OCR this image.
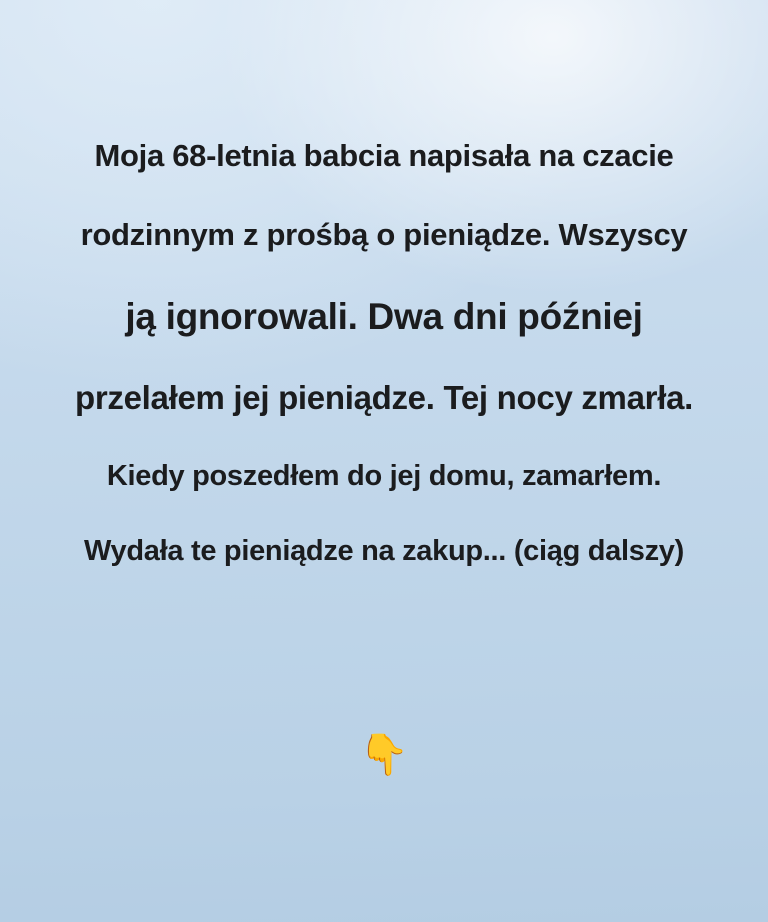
Moja 68-letnia babcia napisała na czacie
rodzinnym z prośbą o pieniądze. Wszyscy
ją ignorowali. Dwa dni później
przelałem jej pieniądze. Tej nocy zmarła.
Kiedy poszedłem do jej domu, zamarłem.
Wydała te pieniądze na zakup... (ciąg dalszy)
👇
